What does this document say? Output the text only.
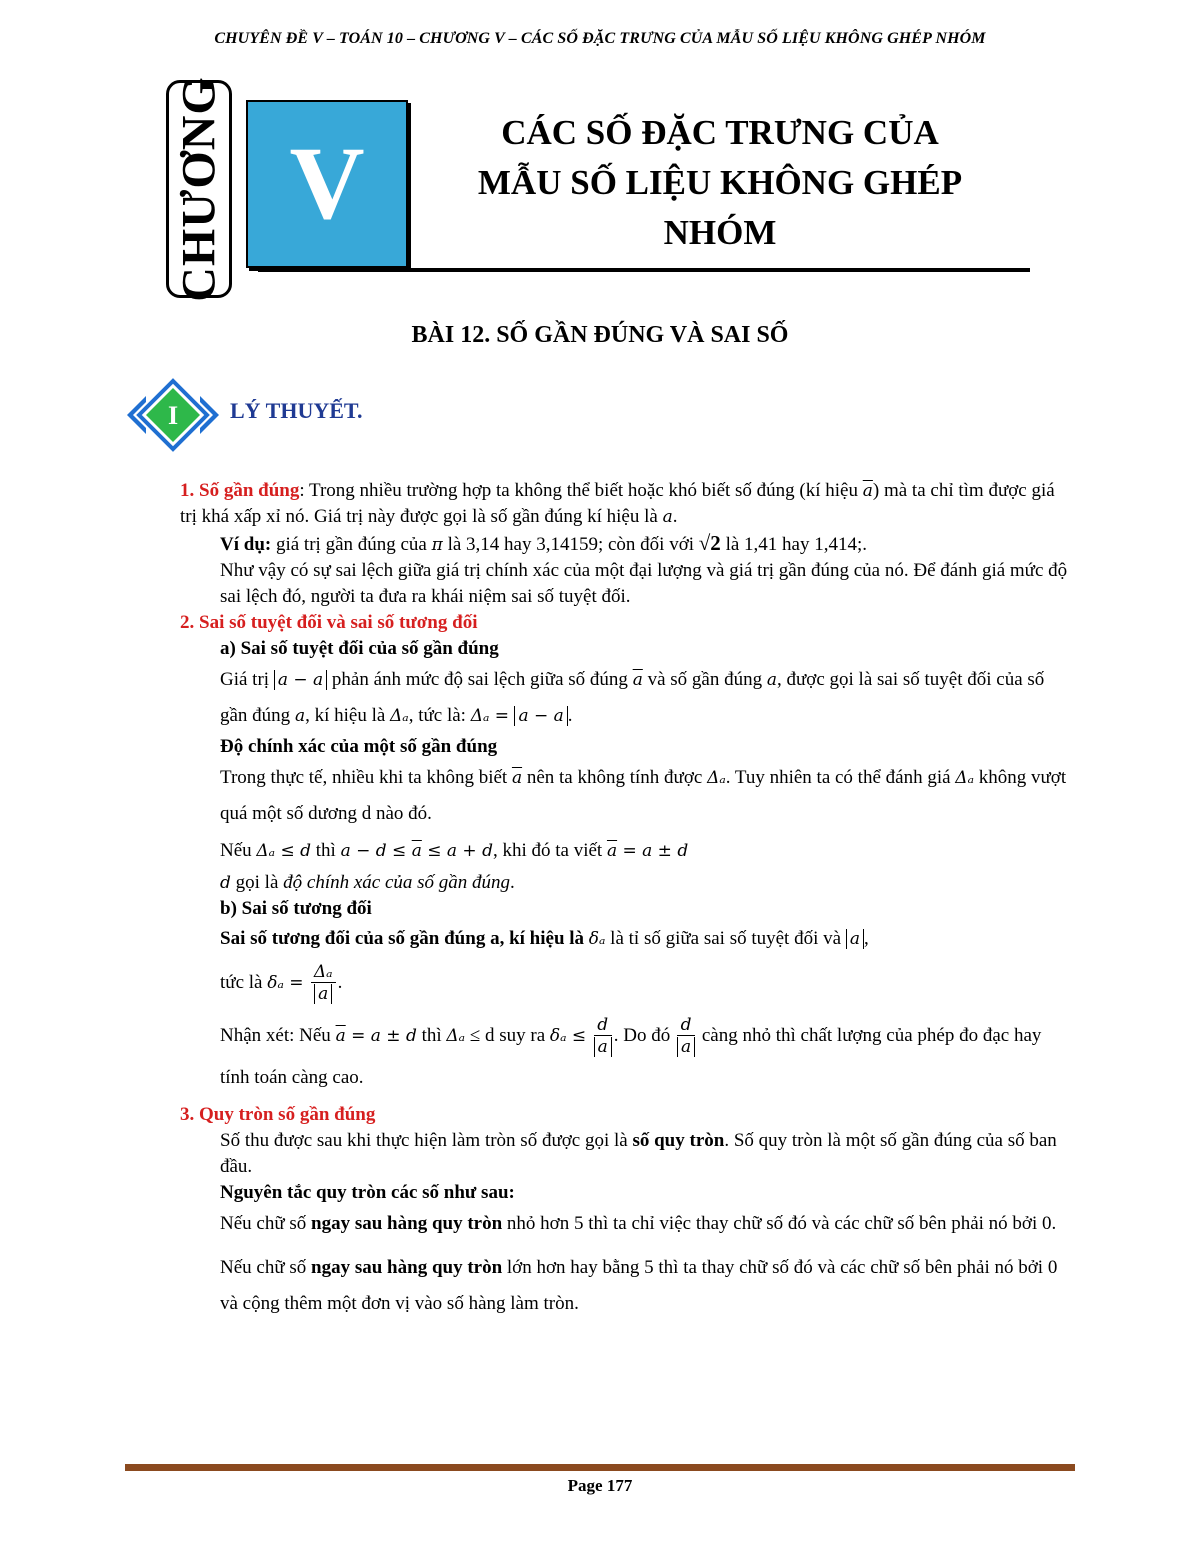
CHUYÊN ĐỀ V – TOÁN 10 – CHƯƠNG V – CÁC SỐ ĐẶC TRƯNG CỦA MẪU SỐ LIỆU KHÔNG GHÉP NHÓM
CHƯƠNG V	CÁC SỐ ĐẶC TRƯNG CỦA
MẪU SỐ LIỆU KHÔNG GHÉP
NHÓM
BÀI 12. SỐ GẦN ĐÚNG VÀ SAI SỐ
I LÝ THUYẾT.

1. Số gần đúng: Trong nhiều trường hợp ta không thể biết hoặc khó biết số đúng (kí hiệu $\overline{a}$) mà ta chỉ tìm được giá trị khá xấp xỉ nó. Giá trị này được gọi là số gần đúng kí hiệu là a.

Ví dụ: giá trị gần đúng của π là 3,14 hay 3,14159; còn đối với √2 là 1,41 hay 1,414;.

Như vậy có sự sai lệch giữa giá trị chính xác của một đại lượng và giá trị gần đúng của nó. Để đánh giá mức độ sai lệch đó, người ta đưa ra khái niệm sai số tuyệt đối.

2. Sai số tuyệt đối và sai số tương đối

a) Sai số tuyệt đối của số gần đúng

Giá trị a − a phản ánh mức độ sai lệch giữa số đúng $\overline{a}$ và số gần đúng a, được gọi là sai số tuyệt đối của số gần đúng a, kí hiệu là Δₐ, tức là: Δₐ = a − a .

Độ chính xác của một số gần đúng

Trong thực tế, nhiều khi ta không biết $\overline{a}$ nên ta không tính được Δₐ. Tuy nhiên ta có thể đánh giá Δₐ không vượt quá một số dương d nào đó.

Nếu Δₐ ≤ d thì $a - d \le \overline{a} \le a + d$, khi đó ta viết $\overline{a} = a \pm d$

d gọi là độ chính xác của số gần đúng.

b) Sai số tương đối

Sai số tương đối của số gần đúng a, kí hiệu là δₐ là tỉ số giữa sai số tuyệt đối và a ,

tức là $\delta_a = \frac{\text{Δₐ}}{a}$ .

Nhận xét: Nếu $\overline{a} = a \pm d$ thì Δₐ ≤ d suy ra $\delta_a \le \frac{d}{a}$ . Do đó $\frac{d}{a}$ càng nhỏ thì chất lượng của phép đo đạc hay tính toán càng cao.

3. Quy tròn số gần đúng

Số thu được sau khi thực hiện làm tròn số được gọi là số quy tròn. Số quy tròn là một số gần đúng của số ban đầu.

Nguyên tắc quy tròn các số như sau:

Nếu chữ số ngay sau hàng quy tròn nhỏ hơn 5 thì ta chỉ việc thay chữ số đó và các chữ số bên phải nó bởi 0.

Nếu chữ số ngay sau hàng quy tròn lớn hơn hay bằng 5 thì ta thay chữ số đó và các chữ số bên phải nó bởi 0 và cộng thêm một đơn vị vào số hàng làm tròn.

Page 177
